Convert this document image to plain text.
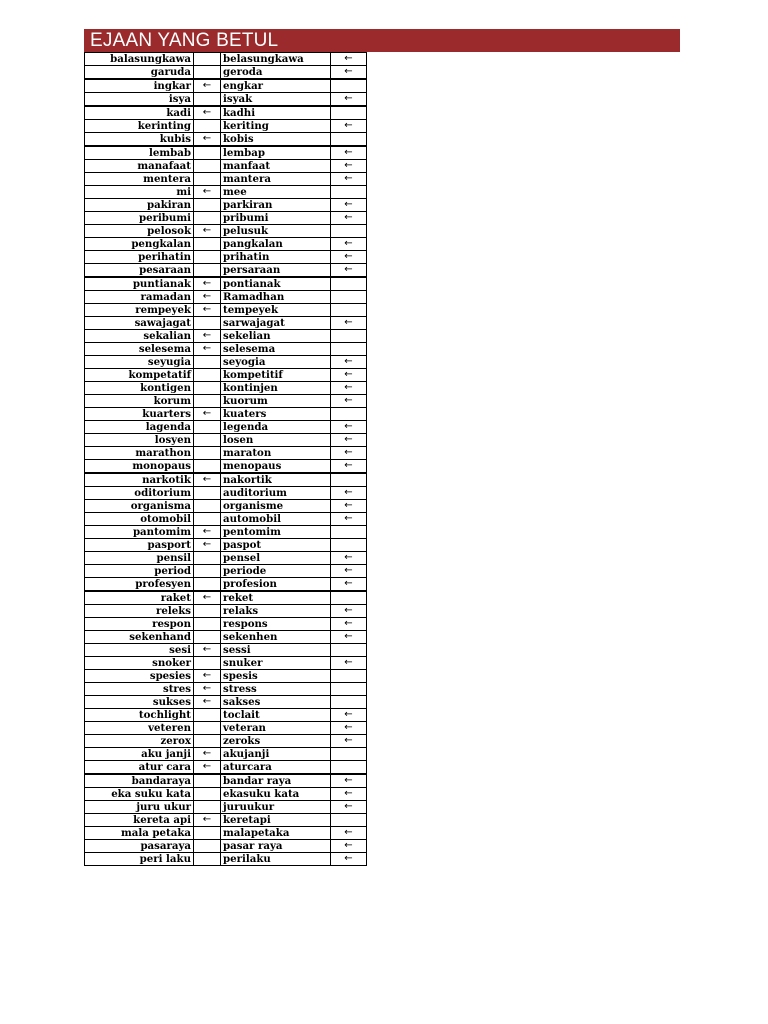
EJAAN YANG BETUL
balasungkawa		belasungkawa	←
garuda		geroda	←
ingkar	←	engkar	
isya		isyak	←
kadi	←	kadhi	
kerinting		keriting	←
kubis	←	kobis	
lembab		lembap	←
manafaat		manfaat	←
mentera		mantera	←
mi	←	mee	
pakiran		parkiran	←
peribumi		pribumi	←
pelosok	←	pelusuk	
pengkalan		pangkalan	←
perihatin		prihatin	←
pesaraan		persaraan	←
puntianak	←	pontianak	
ramadan	←	Ramadhan	
rempeyek	←	tempeyek	
sawajagat		sarwajagat	←
sekalian	←	sekelian	
selesema	←	selesema	
seyugia		seyogia	←
kompetatif		kompetitif	←
kontigen		kontinjen	←
korum		kuorum	←
kuarters	←	kuaters	
lagenda		legenda	←
losyen		losen	←
marathon		maraton	←
monopaus		menopaus	←
narkotik	←	nakortik	
oditorium		auditorium	←
organisma		organisme	←
otomobil		automobil	←
pantomim	←	pentomim	
pasport	←	paspot	
pensil		pensel	←
period		periode	←
profesyen		profesion	←
raket	←	reket	
releks		relaks	←
respon		respons	←
sekenhand		sekenhen	←
sesi	←	sessi	
snoker		snuker	←
spesies	←	spesis	
stres	←	stress	
sukses	←	sakses	
tochlight		toclait	←
veteren		veteran	←
zerox		zeroks	←
aku janji	←	akujanji	
atur cara	←	aturcara	
bandaraya		bandar raya	←
eka suku kata		ekasuku kata	←
juru ukur		juruukur	←
kereta api	←	keretapi	
mala petaka		malapetaka	←
pasaraya		pasar raya	←
peri laku		perilaku	←
